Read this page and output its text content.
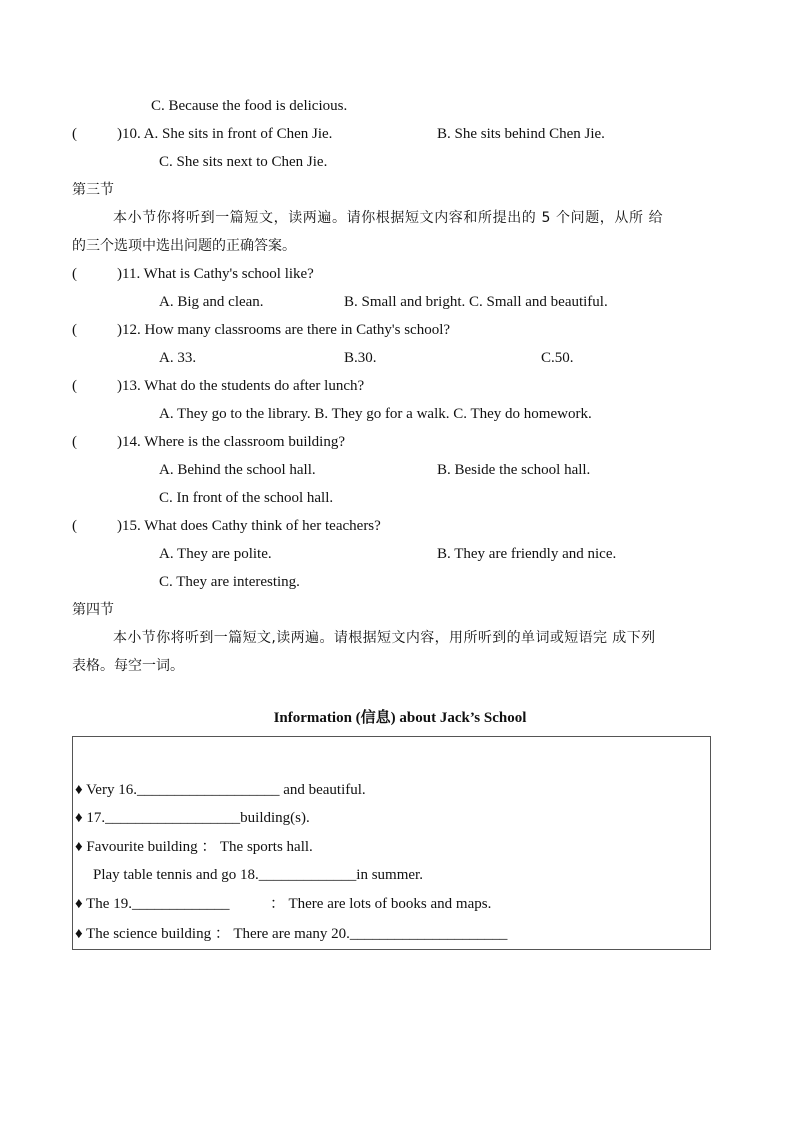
C. Because the food is delicious.
(	)10. A. She sits in front of Chen Jie.	B. She sits behind Chen Jie.
C. She sits next to Chen Jie.
第三节
本小节你将听到一篇短文，读两遍。请你根据短文内容和所提出的 5 个问题，从所 给
的三个选项中选出问题的正确答案。
(	)11. What is Cathy's school like?
A. Big and clean.	B. Small and bright. C. Small and beautiful.
(	)12. How many classrooms are there in Cathy's school?
A. 33.	B.30.	C.50.
(	)13. What do the students do after lunch?
A. They go to the library. B. They go for a walk. C. They do homework.
(	)14. Where is the classroom building?
A. Behind the school hall.	B. Beside the school hall.
C. In front of the school hall.
(	)15. What does Cathy think of her teachers?
A. They are polite.	B. They are friendly and nice.
C. They are interesting.
第四节
本小节你将听到一篇短文,读两遍。请根据短文内容，用所听到的单词或短语完 成下列
表格。每空一词。
Information (信息) about Jack’s School
♦ Very 16.___________________ and beautiful.
♦ 17.__________________building(s).
♦ Favourite building ： The sports hall.
Play table tennis and go 18._____________in summer.
♦ The 19._____________	： There are lots of books and maps.
♦ The science building ： There are many 20._____________________
